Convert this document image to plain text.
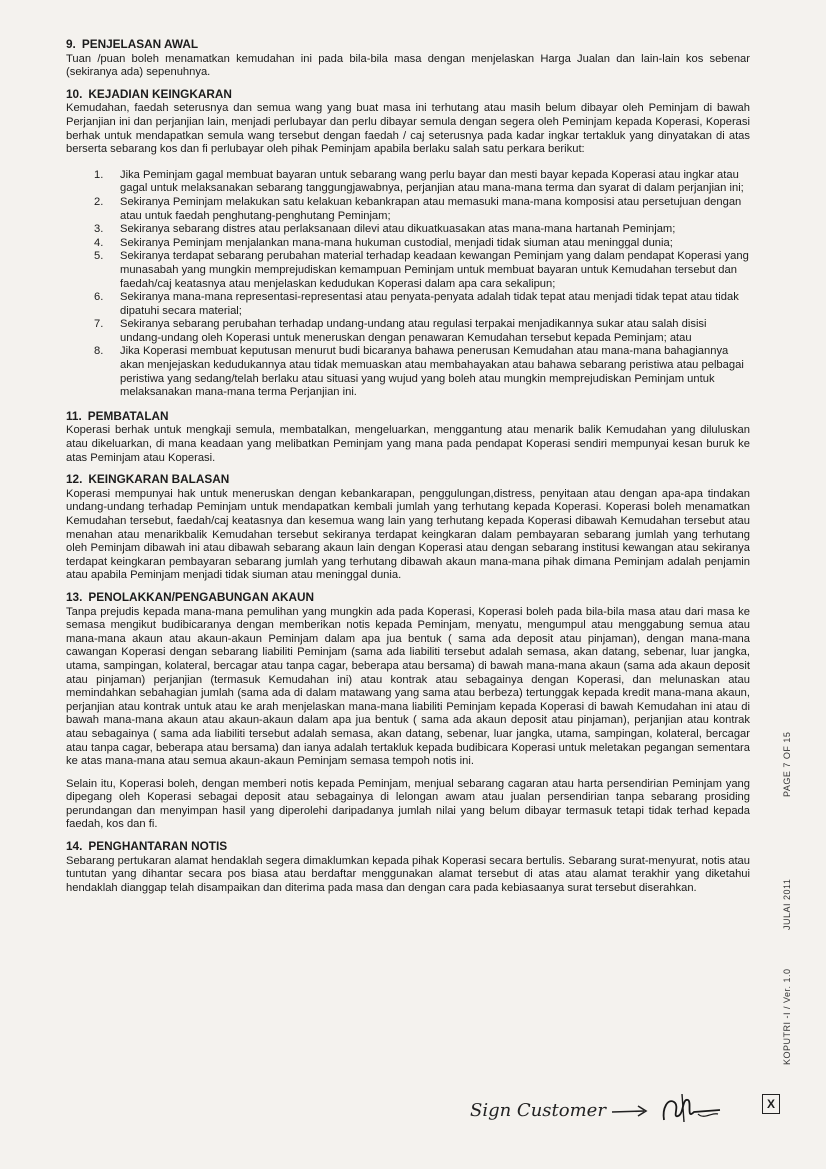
9. PENJELASAN AWAL

Tuan /puan boleh menamatkan kemudahan ini pada bila-bila masa dengan menjelaskan Harga Jualan dan lain-lain kos sebenar (sekiranya ada) sepenuhnya.

10. KEJADIAN KEINGKARAN

Kemudahan, faedah seterusnya dan semua wang yang buat masa ini terhutang atau masih belum dibayar oleh Peminjam di bawah Perjanjian ini dan perjanjian lain, menjadi perlubayar dan perlu dibayar semula dengan segera oleh Peminjam kepada Koperasi, Koperasi berhak untuk mendapatkan semula wang tersebut dengan faedah / caj seterusnya pada kadar ingkar tertakluk yang dinyatakan di atas berserta sebarang kos dan fi perlubayar oleh pihak Peminjam apabila berlaku salah satu perkara berikut:

1.	Jika Peminjam gagal membuat bayaran untuk sebarang wang perlu bayar dan mesti bayar kepada Koperasi atau ingkar atau gagal untuk melaksanakan sebarang tanggungjawabnya, perjanjian atau mana-mana terma dan syarat di dalam perjanjian ini;
2.	Sekiranya Peminjam melakukan satu kelakuan kebankrapan atau memasuki mana-mana komposisi atau persetujuan dengan atau untuk faedah penghutang-penghutang Peminjam;
3.	Sekiranya sebarang distres atau perlaksanaan dilevi atau dikuatkuasakan atas mana-mana hartanah Peminjam;
4.	Sekiranya Peminjam menjalankan mana-mana hukuman custodial, menjadi tidak siuman atau meninggal dunia;
5.	Sekiranya terdapat sebarang perubahan material terhadap keadaan kewangan Peminjam yang dalam pendapat Koperasi yang munasabah yang mungkin memprejudiskan kemampuan Peminjam untuk membuat bayaran untuk Kemudahan tersebut dan faedah/caj keatasnya atau menjelaskan kedudukan Koperasi dalam apa cara sekalipun;
6.	Sekiranya mana-mana representasi-representasi atau penyata-penyata adalah tidak tepat atau menjadi tidak tepat atau tidak dipatuhi secara material;
7.	Sekiranya sebarang perubahan terhadap undang-undang atau regulasi terpakai menjadikannya sukar atau salah disisi undang-undang oleh Koperasi untuk meneruskan dengan penawaran Kemudahan tersebut kepada Peminjam; atau
8.	Jika Koperasi membuat keputusan menurut budi bicaranya bahawa penerusan Kemudahan atau mana-mana bahagiannya akan menjejaskan kedudukannya atau tidak memuaskan atau membahayakan atau bahawa sebarang peristiwa atau pelbagai peristiwa yang sedang/telah berlaku atau situasi yang wujud yang boleh atau mungkin memprejudiskan Peminjam untuk melaksanakan mana-mana terma Perjanjian ini.
11. PEMBATALAN

Koperasi berhak untuk mengkaji semula, membatalkan, mengeluarkan, menggantung atau menarik balik Kemudahan yang diluluskan atau dikeluarkan, di mana keadaan yang melibatkan Peminjam yang mana pada pendapat Koperasi sendiri mempunyai kesan buruk ke atas Peminjam atau Koperasi.

12. KEINGKARAN BALASAN

Koperasi mempunyai hak untuk meneruskan dengan kebankarapan, penggulungan,distress, penyitaan atau dengan apa-apa tindakan undang-undang terhadap Peminjam untuk mendapatkan kembali jumlah yang terhutang kepada Koperasi. Koperasi boleh menamatkan Kemudahan tersebut, faedah/caj keatasnya dan kesemua wang lain yang terhutang kepada Koperasi dibawah Kemudahan tersebut atau menahan atau menarikbalik Kemudahan tersebut sekiranya terdapat keingkaran dalam pembayaran sebarang jumlah yang terhutang oleh Peminjam dibawah ini atau dibawah sebarang akaun lain dengan Koperasi atau dengan sebarang institusi kewangan atau sekiranya terdapat keingkaran pembayaran sebarang jumlah yang terhutang dibawah akaun mana-mana pihak dimana Peminjam adalah penjamin atau apabila Peminjam menjadi tidak siuman atau meninggal dunia.

13. PENOLAKKAN/PENGABUNGAN AKAUN

Tanpa prejudis kepada mana-mana pemulihan yang mungkin ada pada Koperasi, Koperasi boleh pada bila-bila masa atau dari masa ke semasa mengikut budibicaranya dengan memberikan notis kepada Peminjam, menyatu, mengumpul atau menggabung semua atau mana-mana akaun atau akaun-akaun Peminjam dalam apa jua bentuk ( sama ada deposit atau pinjaman), dengan mana-mana cawangan Koperasi dengan sebarang liabiliti Peminjam (sama ada liabiliti tersebut adalah semasa, akan datang, sebenar, luar jangka, utama, sampingan, kolateral, bercagar atau tanpa cagar, beberapa atau bersama) di bawah mana-mana akaun (sama ada akaun deposit atau pinjaman) perjanjian (termasuk Kemudahan ini) atau kontrak atau sebagainya dengan Koperasi, dan melunaskan atau memindahkan sebahagian jumlah (sama ada di dalam matawang yang sama atau berbeza) tertunggak kepada kredit mana-mana akaun, perjanjian atau kontrak untuk atau ke arah menjelaskan mana-mana liabiliti Peminjam kepada Koperasi di bawah Kemudahan ini atau di bawah mana-mana akaun atau akaun-akaun dalam apa jua bentuk ( sama ada akaun deposit atau pinjaman), perjanjian atau kontrak atau sebagainya ( sama ada liabiliti tersebut adalah semasa, akan datang, sebenar, luar jangka, utama, sampingan, kolateral, bercagar atau tanpa cagar, beberapa atau bersama) dan ianya adalah tertakluk kepada budibicara Koperasi untuk meletakan pegangan sementara ke atas mana-mana atau semua akaun-akaun Peminjam semasa tempoh notis ini.

Selain itu, Koperasi boleh, dengan memberi notis kepada Peminjam, menjual sebarang cagaran atau harta persendirian Peminjam yang dipegang oleh Koperasi sebagai deposit atau sebagainya di lelongan awam atau jualan persendirian tanpa sebarang prosiding perundangan dan menyimpan hasil yang diperolehi daripadanya jumlah nilai yang belum dibayar termasuk tetapi tidak terhad kepada faedah, kos dan fi.

14. PENGHANTARAN NOTIS

Sebarang pertukaran alamat hendaklah segera dimaklumkan kepada pihak Koperasi secara bertulis. Sebarang surat-menyurat, notis atau tuntutan yang dihantar secara pos biasa atau berdaftar menggunakan alamat tersebut di atas atau alamat terakhir yang diketahui hendaklah dianggap telah disampaikan dan diterima pada masa dan dengan cara pada kebiasaanya surat tersebut diserahkan.

KOPUTRI -I / Ver. 1.0
JULAI 2011
PAGE 7 OF 15
Sign Customer	X
